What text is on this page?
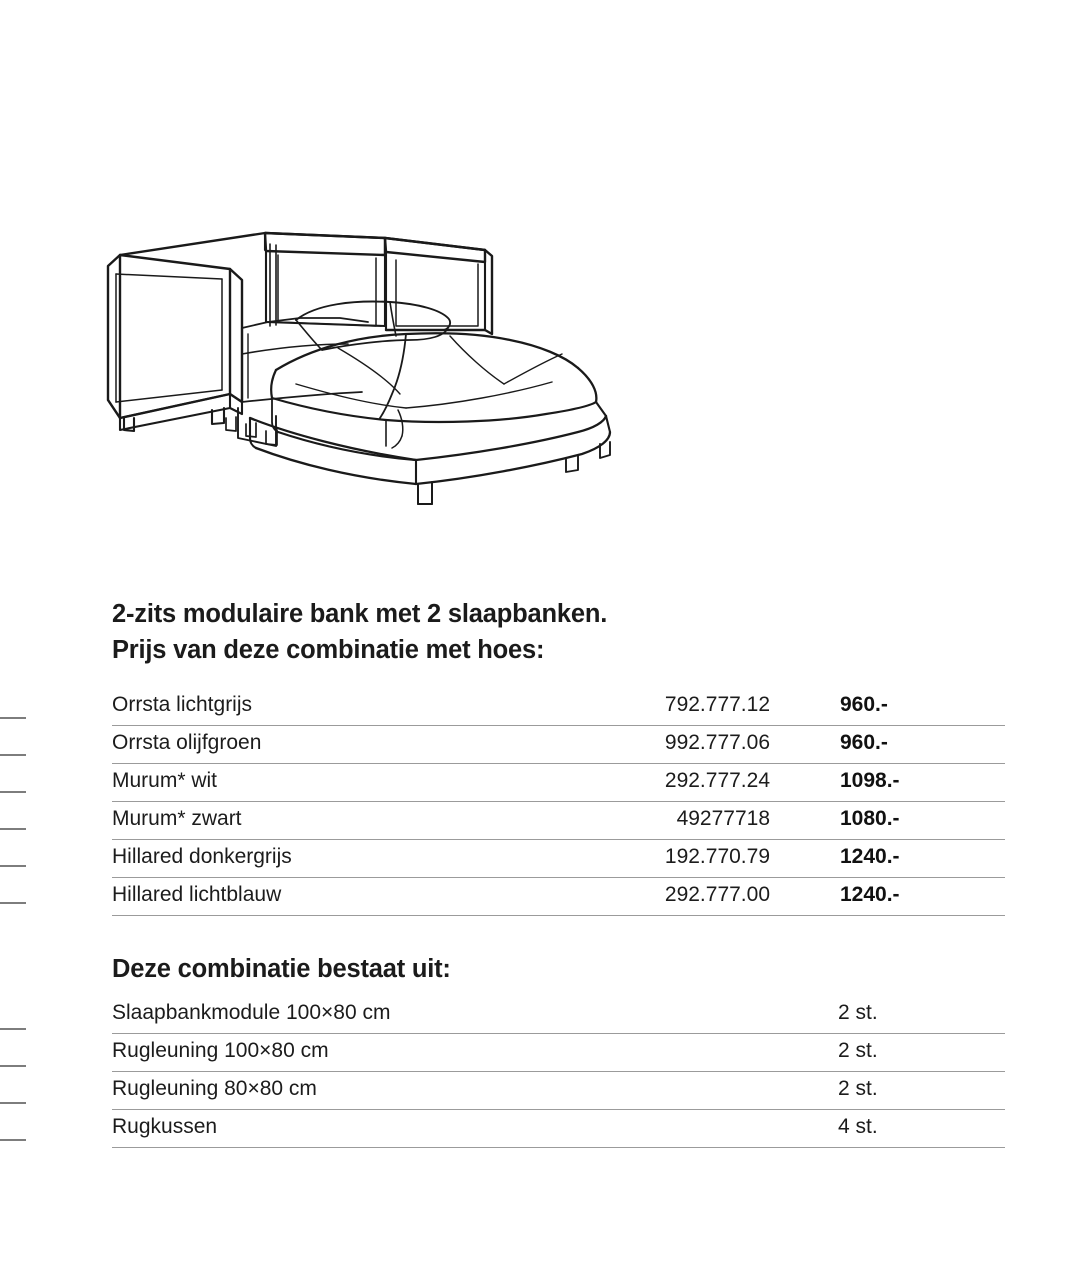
2-zits modulaire bank met 2 slaapbanken.
Prijs van deze combinatie met hoes:
Orrsta lichtgrijs	792.777.12	960.-
Orrsta olijfgroen	992.777.06	960.-
Murum* wit	292.777.24	1098.-
Murum* zwart	49277718	1080.-
Hillared donkergrijs	192.770.79	1240.-
Hillared lichtblauw	292.777.00	1240.-
Deze combinatie bestaat uit:
Slaapbankmodule 100×80 cm	2 st.
Rugleuning 100×80 cm	2 st.
Rugleuning 80×80 cm	2 st.
Rugkussen	4 st.
